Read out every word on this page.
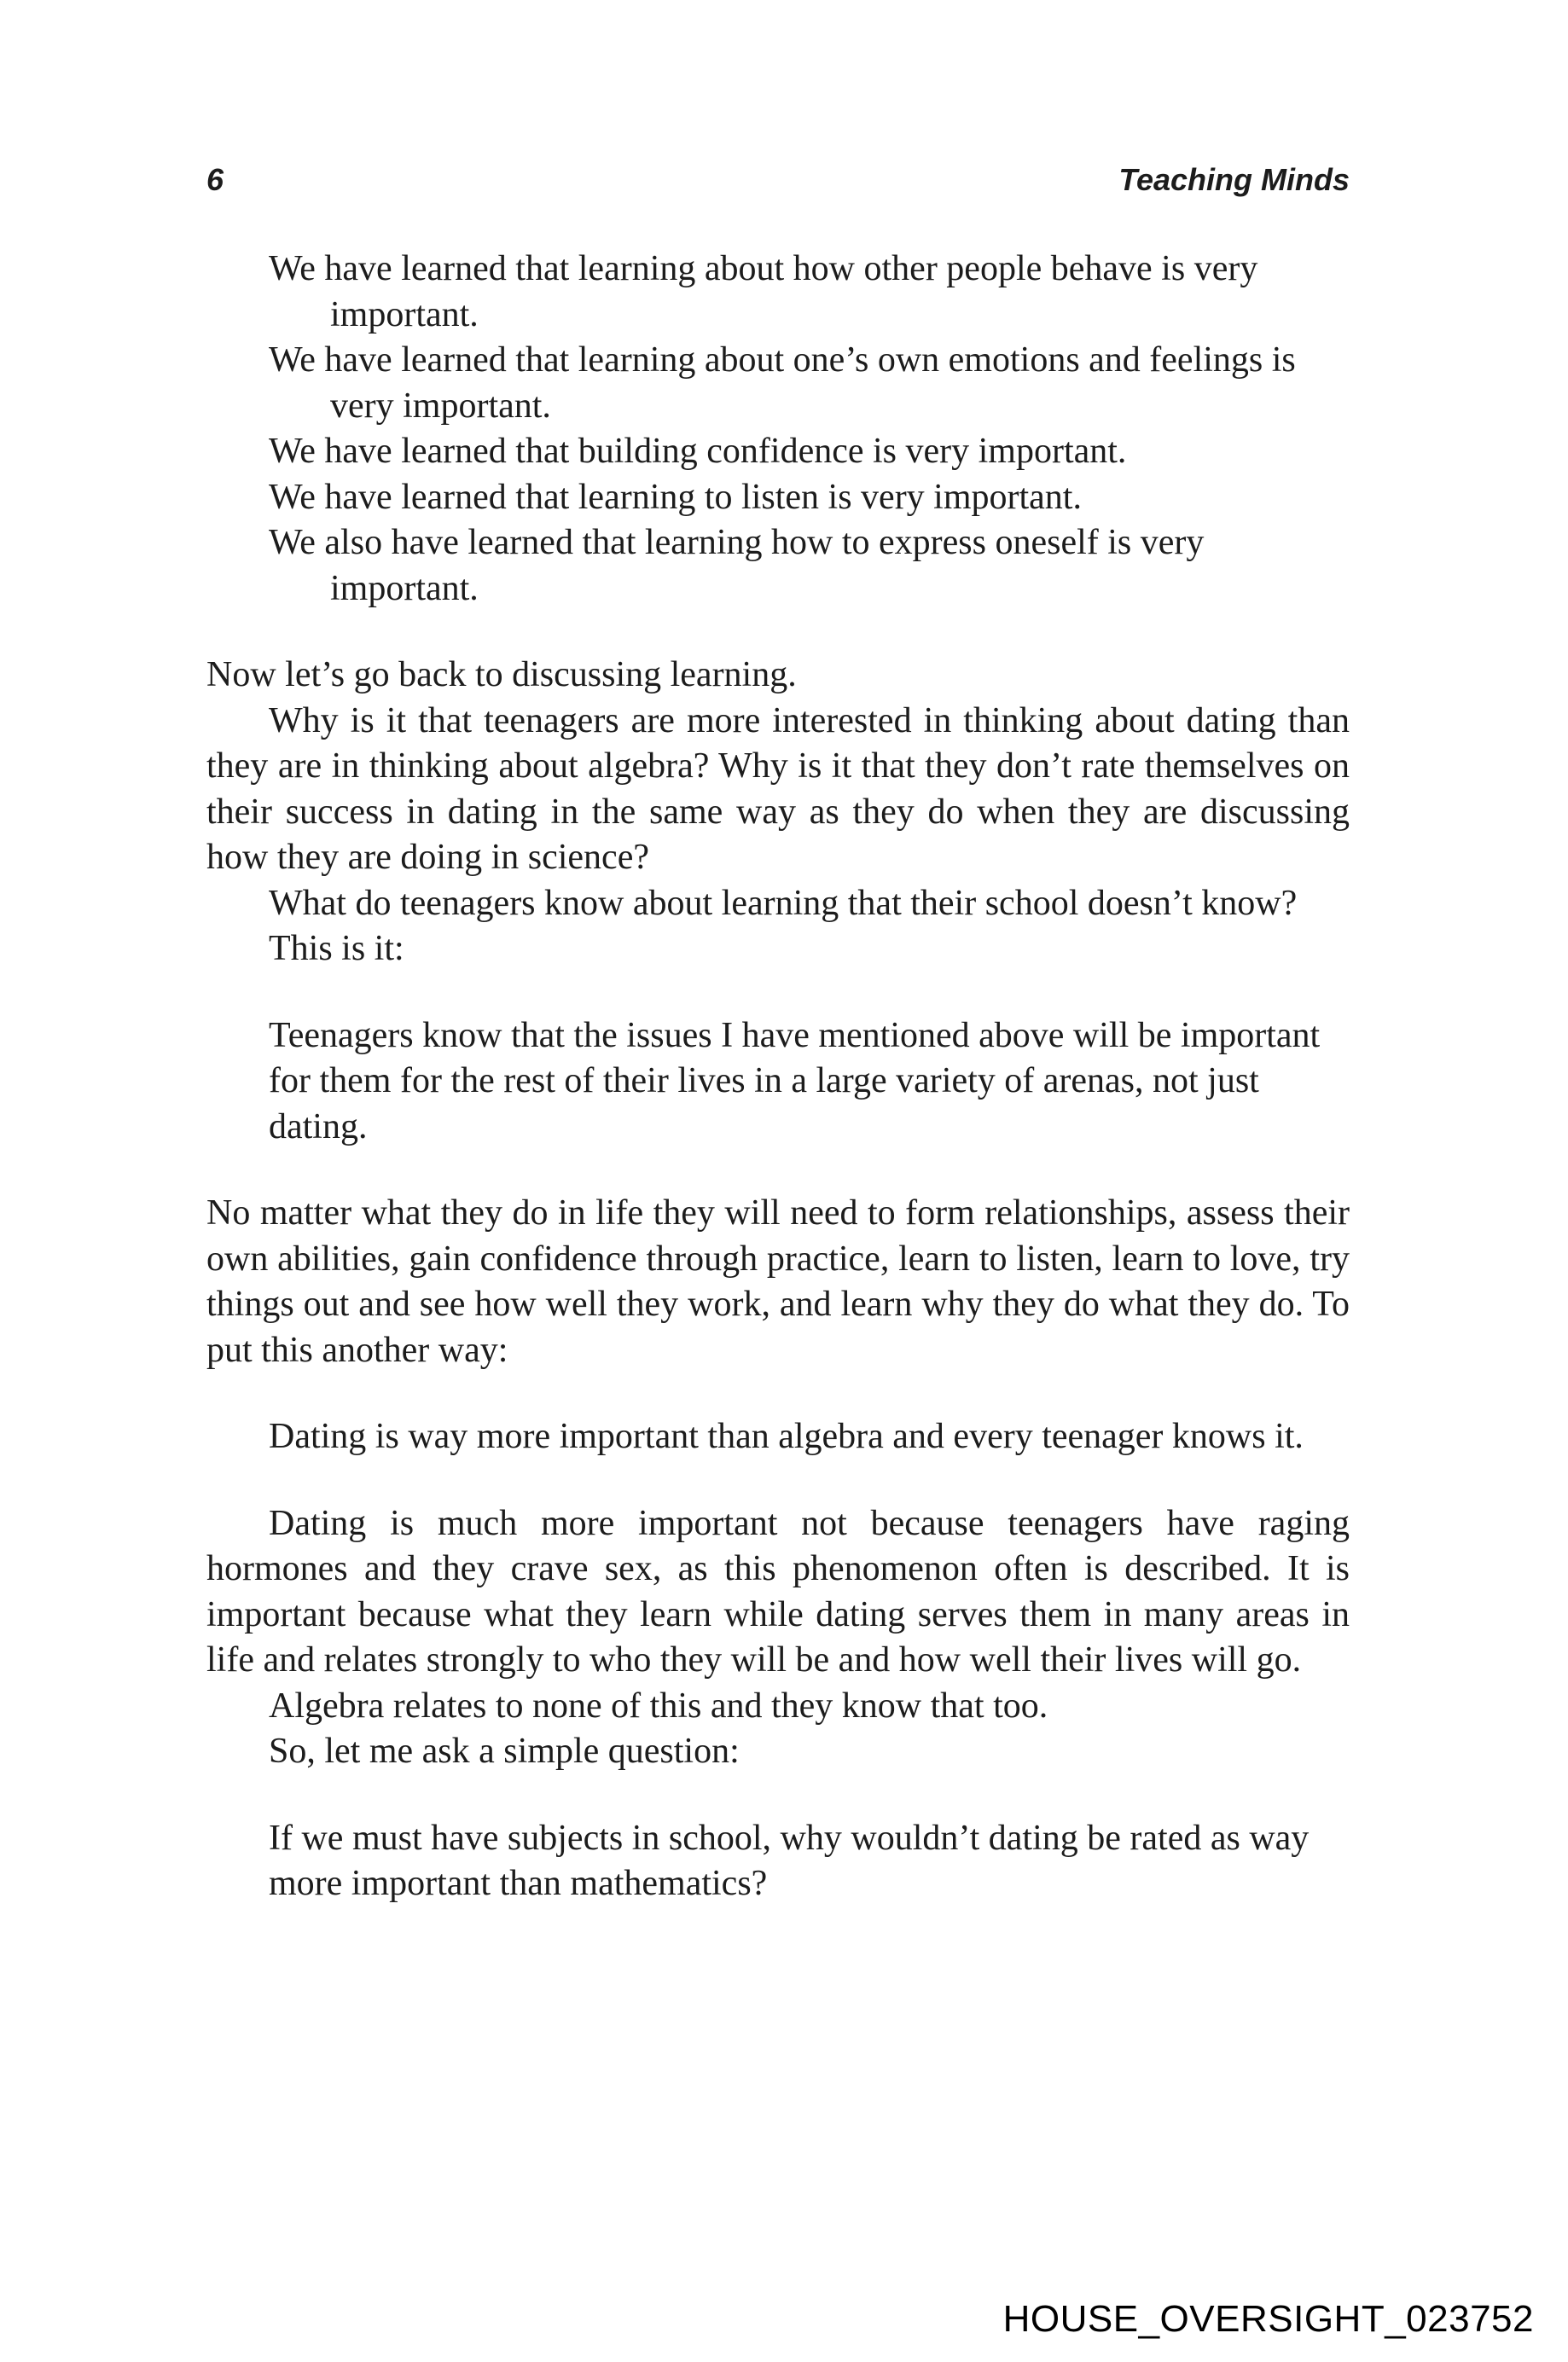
6	Teaching Minds

We have learned that learning about how other people behave is very important.

We have learned that learning about one’s own emotions and feelings is very important.

We have learned that building confidence is very important.

We have learned that learning to listen is very important.

We also have learned that learning how to express oneself is very important.

Now let’s go back to discussing learning.

Why is it that teenagers are more interested in thinking about dating than they are in thinking about algebra? Why is it that they don’t rate themselves on their success in dating in the same way as they do when they are discussing how they are doing in science?

What do teenagers know about learning that their school doesn’t know?

This is it:

Teenagers know that the issues I have mentioned above will be important for them for the rest of their lives in a large variety of arenas, not just dating.

No matter what they do in life they will need to form relationships, assess their own abilities, gain confidence through practice, learn to listen, learn to love, try things out and see how well they work, and learn why they do what they do. To put this another way:

Dating is way more important than algebra and every teenager knows it.

Dating is much more important not because teenagers have raging hormones and they crave sex, as this phenomenon often is described. It is important because what they learn while dating serves them in many areas in life and relates strongly to who they will be and how well their lives will go.

Algebra relates to none of this and they know that too.

So, let me ask a simple question:

If we must have subjects in school, why wouldn’t dating be rated as way more important than mathematics?

HOUSE_OVERSIGHT_023752
